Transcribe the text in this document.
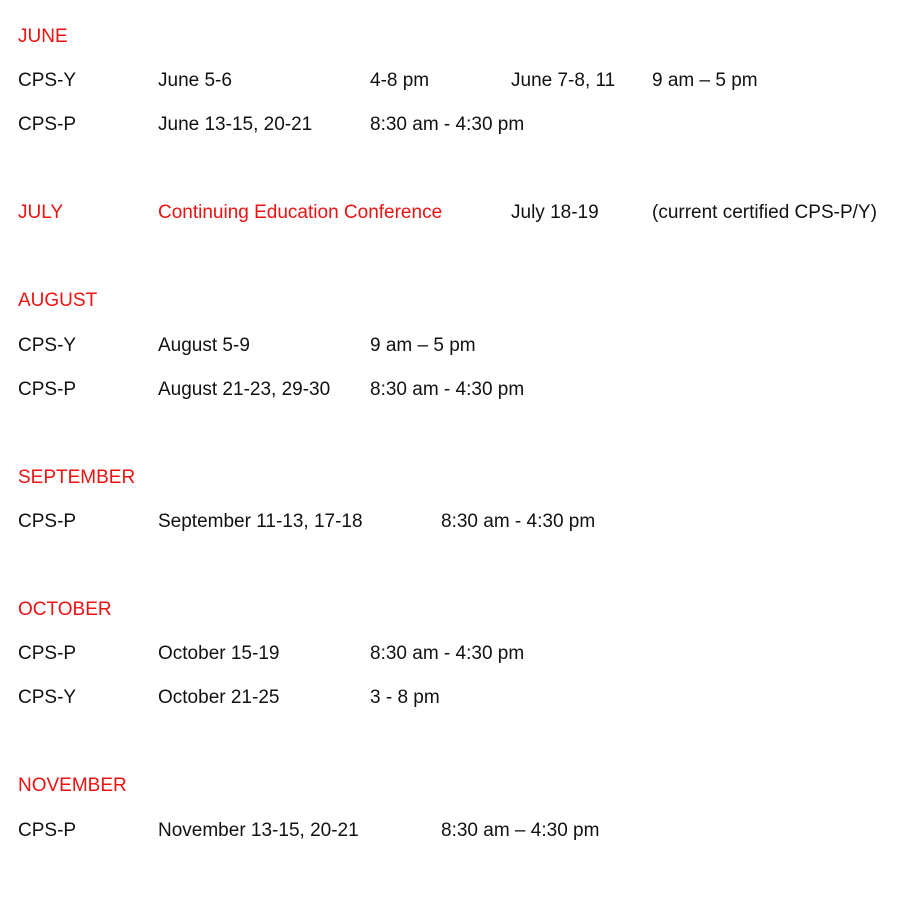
JUNE
CPS-Y	June 5-6	4-8 pm	June 7-8, 11 9 am – 5 pm
CPS-P	June 13-15, 20-21	8:30 am - 4:30 pm
JULY	Continuing Education Conference	July 18-19	(current certified CPS-P/Y)
AUGUST
CPS-Y	August 5-9	9 am – 5 pm
CPS-P	August 21-23, 29-30 8:30 am - 4:30 pm
SEPTEMBER
CPS-P	September 11-13, 17-18	8:30 am - 4:30 pm
OCTOBER
CPS-P	October 15-19	8:30 am - 4:30 pm
CPS-Y	October 21-25	3 - 8 pm
NOVEMBER
CPS-P	November 13-15, 20-21	8:30 am – 4:30 pm
